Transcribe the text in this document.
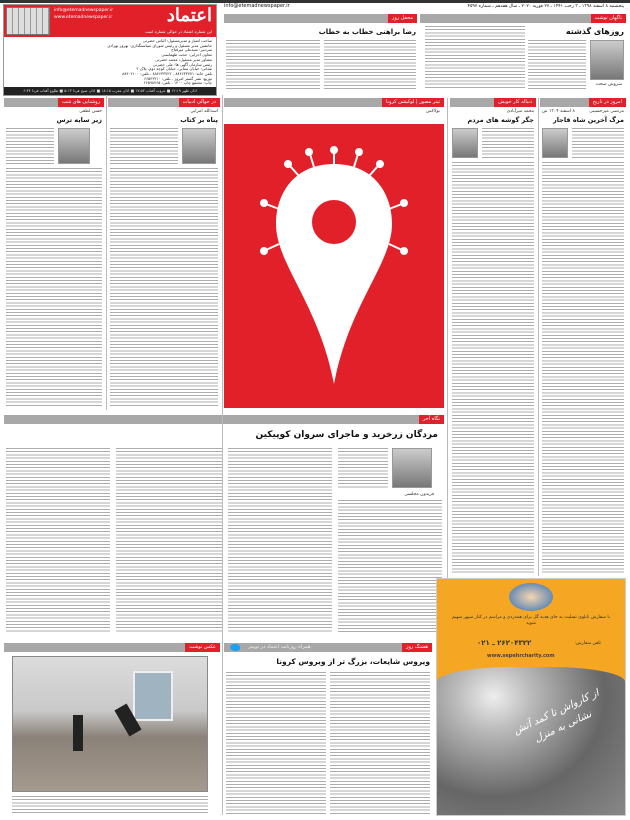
اعتماد
info@etemadnewspaper.ir
www.etemadnewspaper.ir
این شماره اعتماد در حوالی شماره است
صاحب امتیاز و مدیرمسئول: الیاس حضرتی
جانشین مدیر مسئول و رئیس شورای سیاستگذاری: بهروز بهزادی
سردبیر: سیدعلی میرفتاح
معاون اجرایی: حجت طهماسبی
مشاور مدیر مسئول: محمد حضرتی
رئیس سازمان آگهی ها: علی حضرتی
نشانی: خیابان سنایی، خیابان کوچه دوم، پلاک ۲
تلفن خانه: ۸۸۴۶۳۳۷۷۱ - ۸۸۴۶۳۳۷۲۲ - تلفن: ۸۸۴۰۲۱۰۰
توزیع: نشر گستر امروز - تلفن: ۶۶۵۴۳۲۱۰
چاپ: مجتمع چاپ ۱۴۰۰ - تلفن: ۶۶۵۹۸۷۶۵
اذان ظهر ۱۲:۱۹ ■ غروب آفتاب ۱۷:۵۳ ■ اذان مغرب ۱۸:۱۵ ■ اذان صبح فردا ۵:۱۳ ■ طلوع آفتاب فردا ۶:۳۴
پنجشنبه ۸ اسفند ۱۳۹۸ ـ ۳ رجب ۱۴۴۱ ـ ۲۷ فوریه ۲۰۲۰ ـ سال هفدهم ـ شماره ۴۵۹۷
info@etemadnewspaper.ir
ناگهان نوشت
روزهای گذشته
سروش صحت
محفل روز
رضا براهنی خطاب به خطاب
امروز در تاریخ
۸ اسفند ۱۳۰۴ ش	مرتضی میرحسینی
مرگ آخرین شاه قاجار
دنباله کار خویش
محمد میرآبادی
جگر گوشه های مردم
تیتر مصور | لوکیشن کرونا
بولاکس
در حوالی ادبیات
اسدالله امرایی
پناه بر کتاب
روشنایی های شب
حسن لطفی
زیر سایه ترس
نگاه آخر
مردگان زرخرید و ماجرای سروان کوپیکین
فریدون مجلسی
با سفارش تابلوی تسلیت به جای هدیه گل برای همدردی و مراسم در کنار سپهر سهیم شوید
تلفن سفارش:
۲۶۲۰۴۳۲۲ ـ ۰۲۱
www.sepehrcharity.com
از کارواش تا کمد آتش نشانی به منزل
هشتگ روز
همراه روزنامه اعتماد در توییتر
ویروس شایعات، بزرگ تر از ویروس کرونا
عکس نوشت
